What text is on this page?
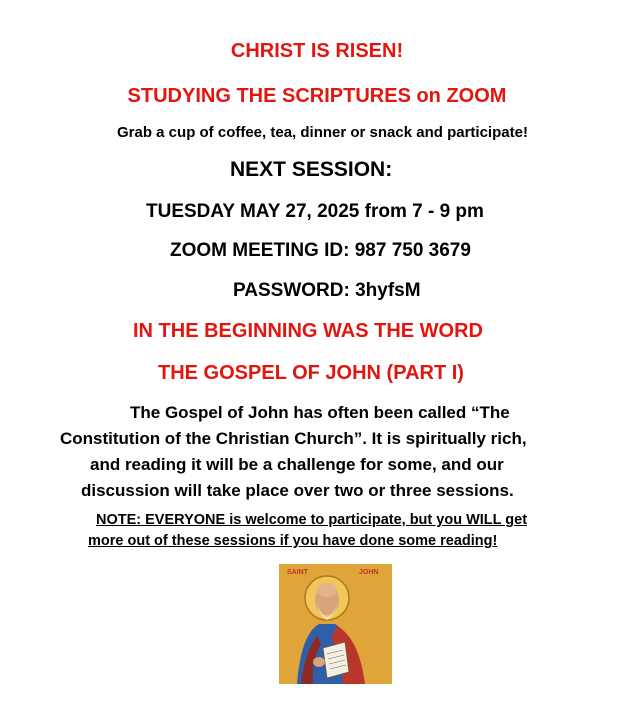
CHRIST IS RISEN!
STUDYING THE SCRIPTURES on ZOOM
Grab a cup of coffee, tea, dinner or snack and participate!
NEXT SESSION:
TUESDAY MAY 27, 2025 from 7 - 9 pm
ZOOM MEETING ID: 987 750 3679
PASSWORD: 3hyfsM
IN THE BEGINNING WAS THE WORD
THE GOSPEL OF JOHN (PART I)
The Gospel of John has often been called “The
Constitution of the Christian Church”. It is spiritually rich,
and reading it will be a challenge for some, and our
discussion will take place over two or three sessions.
NOTE: EVERYONE is welcome to participate, but you WILL get
more out of these sessions if you have done some reading!
SAINT	JOHN
Ἐν ἀρχῇ ἦν ὁ λόγος
